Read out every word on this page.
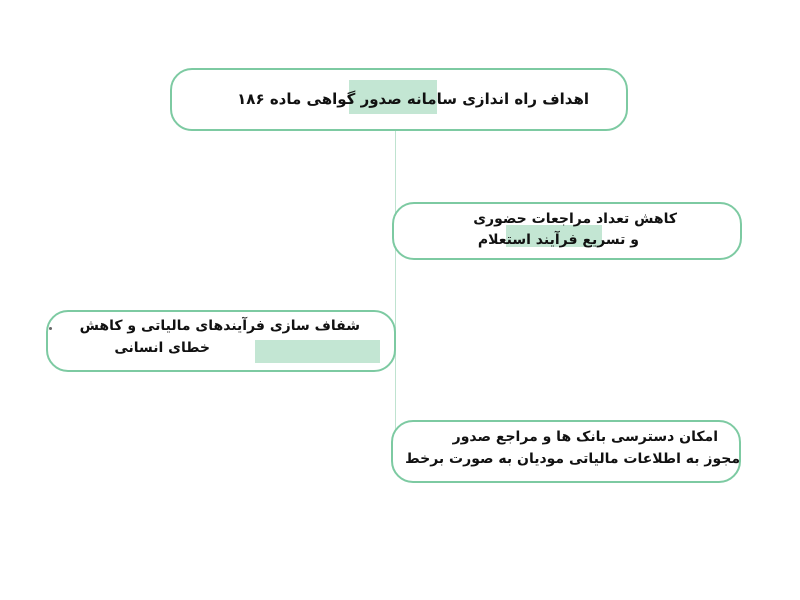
اهداف راه اندازی سامانه صدور گواهی ماده ۱۸۶
کاهش تعداد مراجعات حضوری
و تسریع فرآیند استعلام
شفاف سازی فرآیندهای مالیاتی و کاهش
خطای انسانی
امکان دسترسی بانک ها و مراجع صدور
مجوز به اطلاعات مالیاتی مودیان به صورت برخط
